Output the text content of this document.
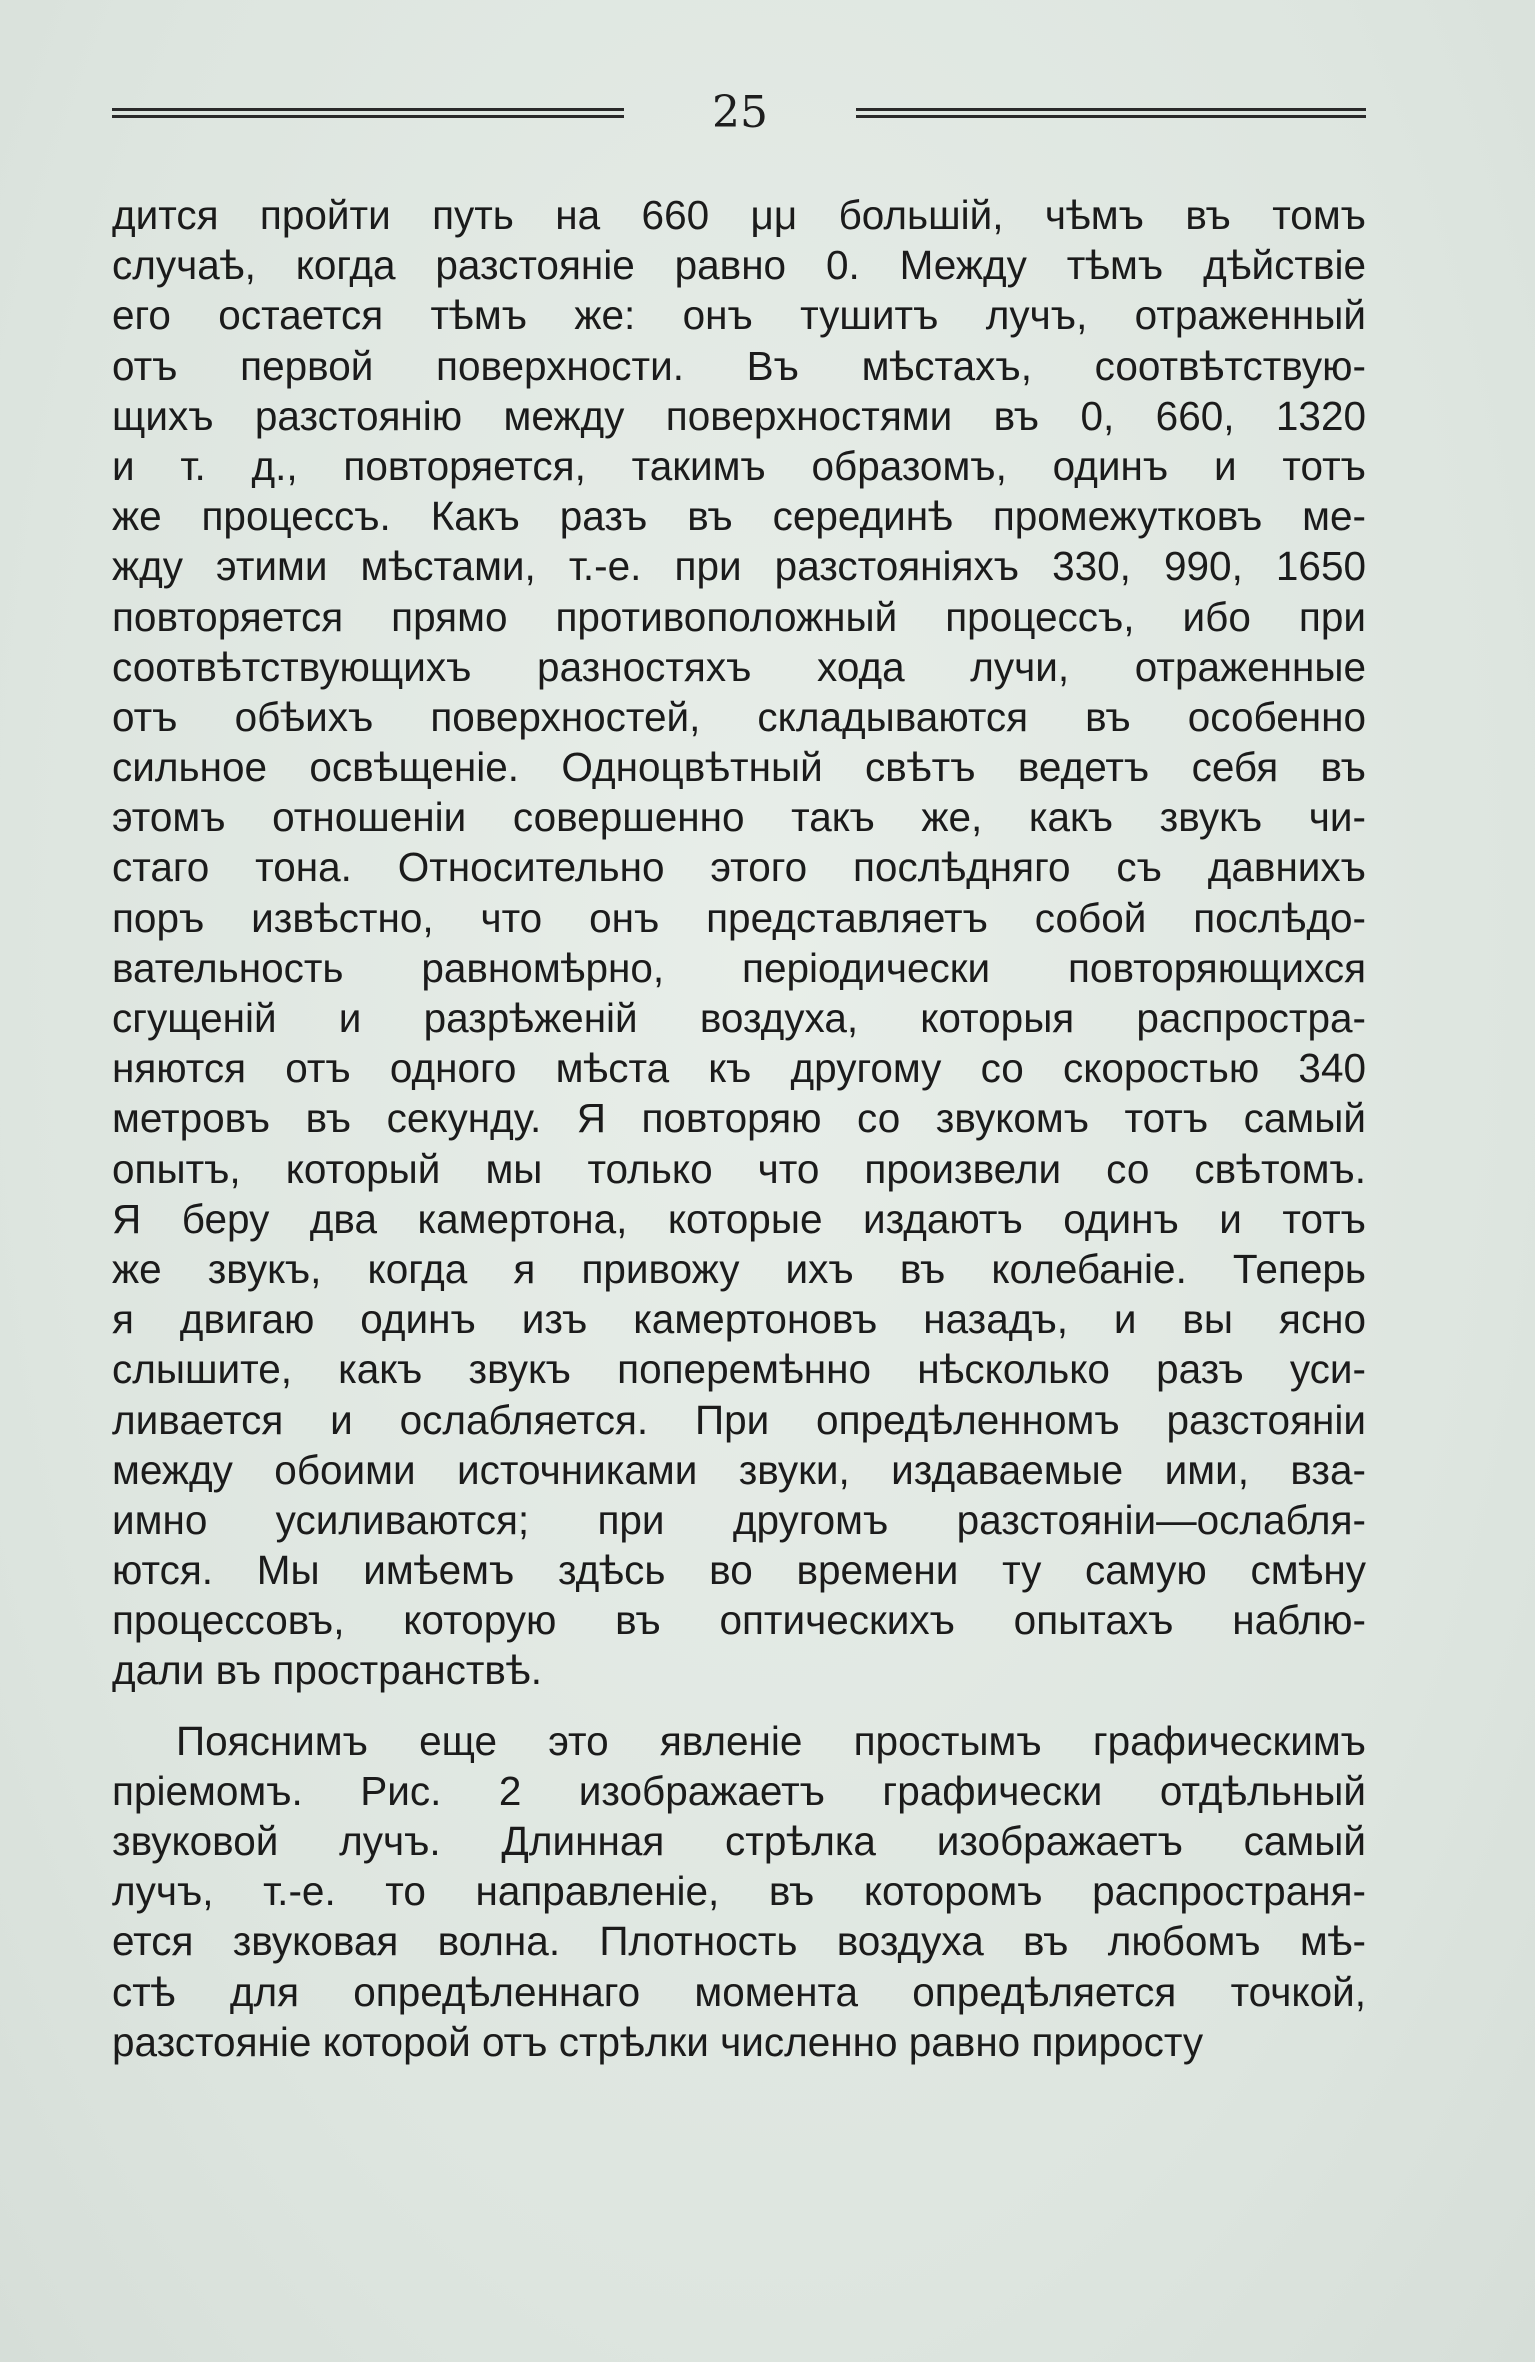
25
дится пройти путь на 660 μμ большій, чѣмъ въ томъ
случаѣ, когда разстояніе равно 0. Между тѣмъ дѣйствіе
его остается тѣмъ же: онъ тушитъ лучъ, отраженный
отъ первой поверхности. Въ мѣстахъ, соотвѣтствую-
щихъ разстоянію между поверхностями въ 0, 660, 1320
и т. д., повторяется, такимъ образомъ, одинъ и тотъ
же процессъ. Какъ разъ въ серединѣ промежутковъ ме-
жду этими мѣстами, т.-е. при разстояніяхъ 330, 990, 1650
повторяется прямо противоположный процессъ, ибо при
соотвѣтствующихъ разностяхъ хода лучи, отраженные
отъ обѣихъ поверхностей, складываются въ особенно
сильное освѣщеніе. Одноцвѣтный свѣтъ ведетъ себя въ
этомъ отношеніи совершенно такъ же, какъ звукъ чи-
стаго тона. Относительно этого послѣдняго съ давнихъ
поръ извѣстно, что онъ представляетъ собой послѣдо-
вательность равномѣрно, періодически повторяющихся
сгущеній и разрѣженій воздуха, которыя распростра-
няются отъ одного мѣста къ другому со скоростью 340
метровъ въ секунду. Я повторяю со звукомъ тотъ самый
опытъ, который мы только что произвели со свѣтомъ.
Я беру два камертона, которые издаютъ одинъ и тотъ
же звукъ, когда я привожу ихъ въ колебаніе. Теперь
я двигаю одинъ изъ камертоновъ назадъ, и вы ясно
слышите, какъ звукъ поперемѣнно нѣсколько разъ уси-
ливается и ослабляется. При опредѣленномъ разстояніи
между обоими источниками звуки, издаваемые ими, вза-
имно усиливаются; при другомъ разстояніи—ослабля-
ются. Мы имѣемъ здѣсь во времени ту самую смѣну
процессовъ, которую въ оптическихъ опытахъ наблю-
дали въ пространствѣ.
Пояснимъ еще это явленіе простымъ графическимъ
пріемомъ. Рис. 2 изображаетъ графически отдѣльный
звуковой лучъ. Длинная стрѣлка изображаетъ самый
лучъ, т.-е. то направленіе, въ которомъ распространя-
ется звуковая волна. Плотность воздуха въ любомъ мѣ-
стѣ для опредѣленнаго момента опредѣляется точкой,
разстояніе которой отъ стрѣлки численно равно приросту
